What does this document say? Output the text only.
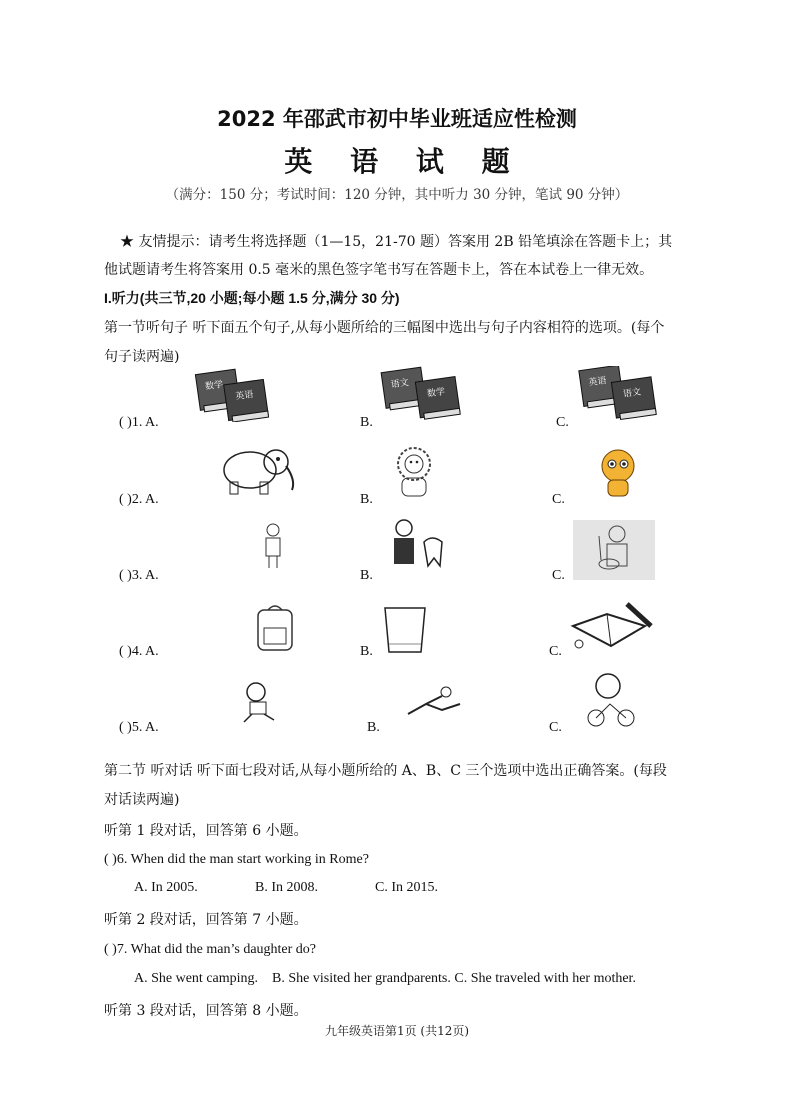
2022 年邵武市初中毕业班适应性检测
英 语 试 题
（满分：150 分；考试时间：120 分钟，其中听力 30 分钟，笔试 90 分钟）
★ 友情提示：请考生将选择题（1—15，21-70 题）答案用 2B 铅笔填涂在答题卡上；其
他试题请考生将答案用 0.5 毫米的黑色签字笔书写在答题卡上，答在本试卷上一律无效。
I.听力(共三节,20 小题;每小题 1.5 分,满分 30 分)
第一节听句子 听下面五个句子,从每小题所给的三幅图中选出与句子内容相符的选项。(每个
句子读两遍)
( )1. A.	B.	C.
数学
英语
语文
数学
英语
语文
( )2. A.	B.	C.
( )3. A.	B.	C.
( )4. A.	B.	C.
( )5. A.	B.	C.
第二节 听对话 听下面七段对话,从每小题所给的 A、B、C 三个选项中选出正确答案。(每段
对话读两遍)
听第 1 段对话，回答第 6 小题。
( )6. When did the man start working in Rome?
A. In 2005.	B. In 2008.	C. In 2015.
听第 2 段对话，回答第 7 小题。
( )7. What did the man’s daughter do?
A. She went camping.    B. She visited her grandparents. C. She traveled with her mother.
听第 3 段对话，回答第 8 小题。
九年级英语第1页 (共12页)
